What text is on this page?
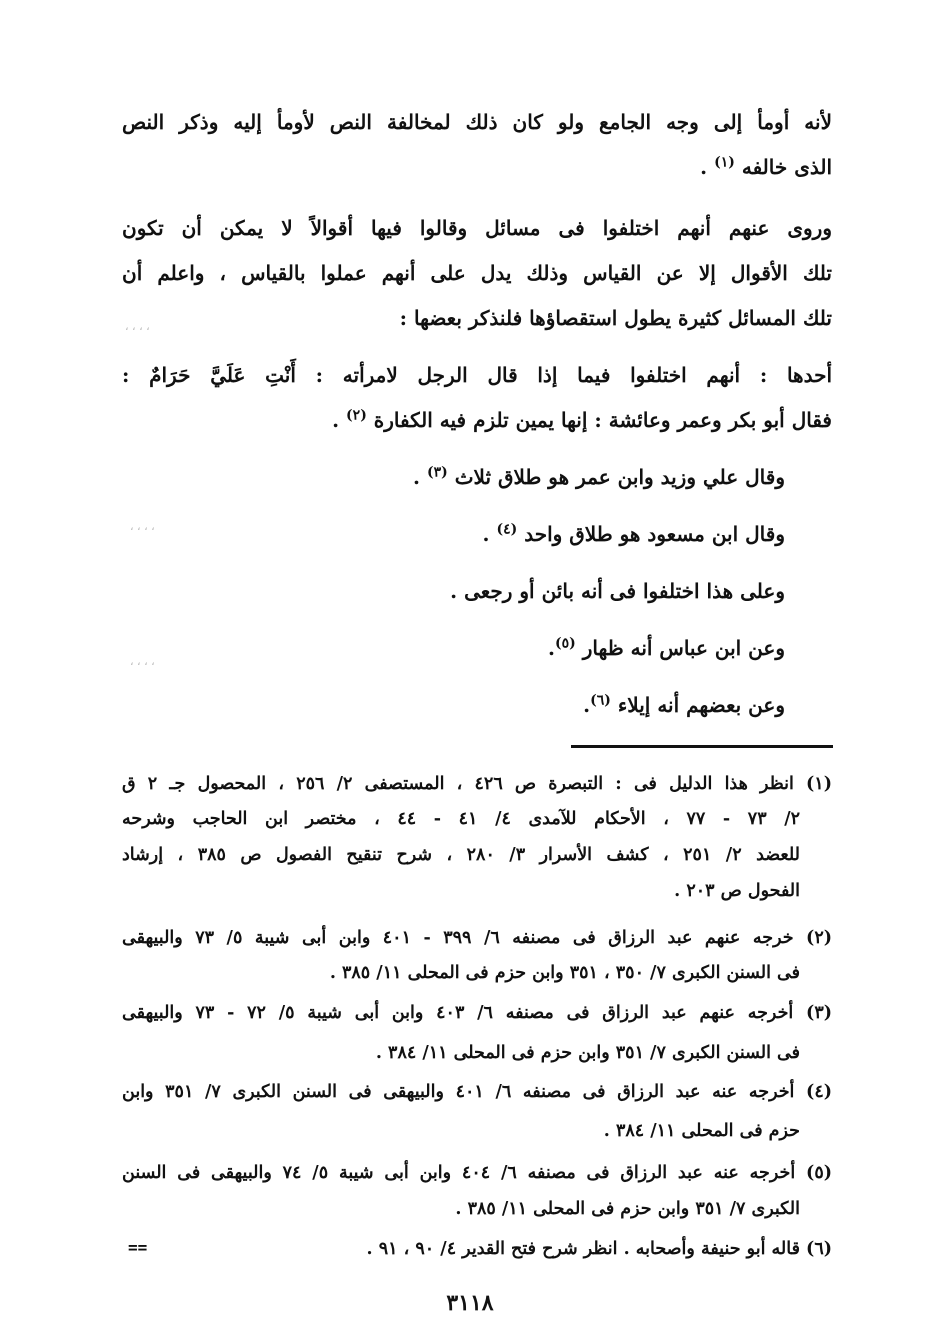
لأنه أومأ إلى وجه الجامع ولو كان ذلك لمخالفة النص لأومأ إليه وذكر النص
الذى خالفه $^{(١)}$ .
وروى عنهم أنهم اختلفوا فى مسائل وقالوا فيها أقوالاً لا يمكن أن تكون
تلك الأقوال إلا عن القياس وذلك يدل على أنهم عملوا بالقياس ، واعلم أن
تلك المسائل كثيرة يطول استقصاؤها فلنذكر بعضها :
أحدها : أنهم اختلفوا فيما إذا قال الرجل لامرأته : أَنْتِ عَلَيَّ حَرَامٌ :
فقال أبو بكر وعمر وعائشة : إنها يمين تلزم فيه الكفارة $^{(٢)}$ .
وقال علي وزيد وابن عمر هو طلاق ثلاث $^{(٣)}$ .
وقال ابن مسعود هو طلاق واحد $^{(٤)}$ .
وعلى هذا اختلفوا فى أنه بائن أو رجعى .
وعن ابن عباس أنه ظهار $^{(٥)}$.
وعن بعضهم أنه إيلاء $^{(٦)}$.
، ، ، ،
، ، ، ،
، ، ، ،
(١) انظر هذا الدليل فى : التبصرة ص ٤٢٦ ، المستصفى ٢/ ٢٥٦ ، المحصول جـ ٢ ق
٢/ ٧٣ - ٧٧ ، الأحكام للآمدى ٤/ ٤١ - ٤٤ ، مختصر ابن الحاجب وشرحه
للعضد ٢/ ٢٥١ ، كشف الأسرار ٣/ ٢٨٠ ، شرح تنقيح الفصول ص ٣٨٥ ، إرشاد
الفحول ص ٢٠٣ .
(٢) خرجه عنهم عبد الرزاق فى مصنفه ٦/ ٣٩٩ - ٤٠١ وابن أبى شيبة ٥/ ٧٣ والبيهقى
فى السنن الكبرى ٧/ ٣٥٠ ، ٣٥١ وابن حزم فى المحلى ١١/ ٣٨٥ .
(٣) أخرجه عنهم عبد الرزاق فى مصنفه ٦/ ٤٠٣ وابن أبى شيبة ٥/ ٧٢ - ٧٣ والبيهقى
فى السنن الكبرى ٧/ ٣٥١ وابن حزم فى المحلى ١١/ ٣٨٤ .
(٤) أخرجه عنه عبد الرزاق فى مصنفه ٦/ ٤٠١ والبيهقى فى السنن الكبرى ٧/ ٣٥١ وابن
حزم فى المحلى ١١/ ٣٨٤ .
(٥) أخرجه عنه عبد الرزاق فى مصنفه ٦/ ٤٠٤ وابن أبى شيبة ٥/ ٧٤ والبيهقى فى السنن
الكبرى ٧/ ٣٥١ وابن حزم فى المحلى ١١/ ٣٨٥ .
(٦) قاله أبو حنيفة وأصحابه . انظر شرح فتح القدير ٤/ ٩٠ ، ٩١ .
==
٣١١٨
